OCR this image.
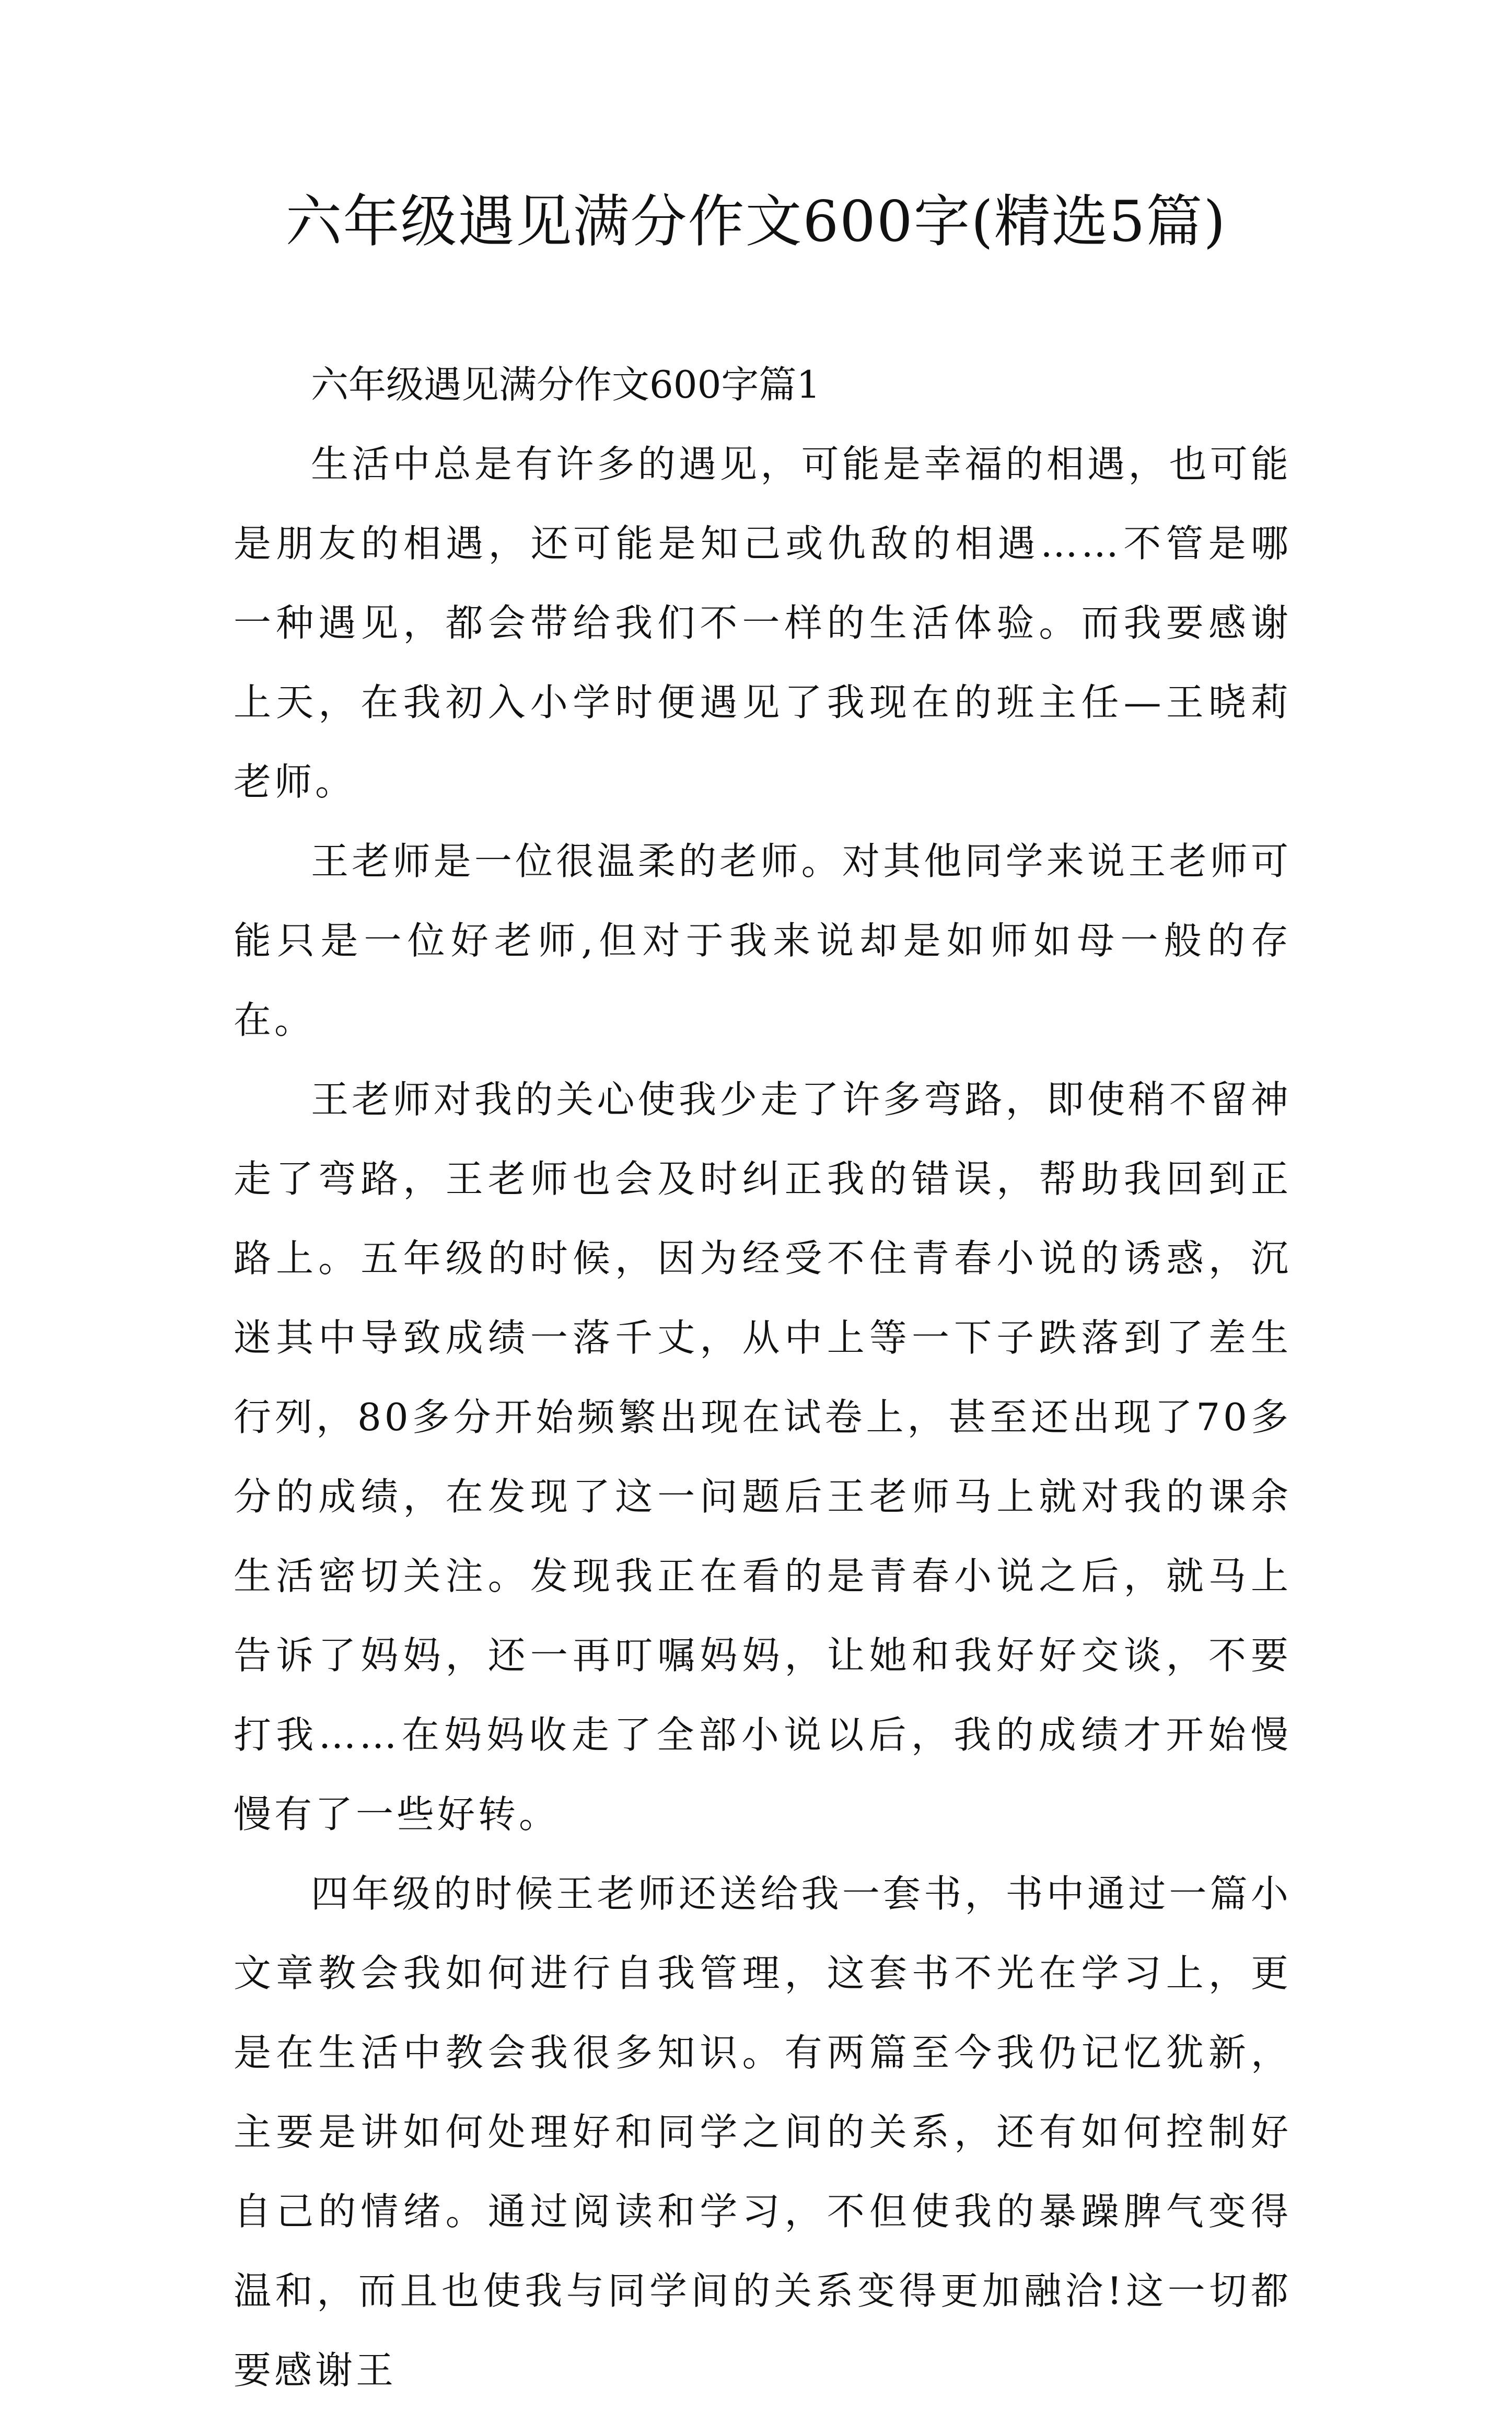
六年级遇见满分作文600字(精选5篇)
六年级遇见满分作文600字篇1

生活中总是有许多的遇见，可能是幸福的相遇，也可能是朋友的相遇，还可能是知己或仇敌的相遇……不管是哪一种遇见，都会带给我们不一样的生活体验。而我要感谢上天，在我初入小学时便遇见了我现在的班主任—王晓莉老师。

王老师是一位很温柔的老师。对其他同学来说王老师可能只是一位好老师,但对于我来说却是如师如母一般的存在。

王老师对我的关心使我少走了许多弯路，即使稍不留神走了弯路，王老师也会及时纠正我的错误，帮助我回到正路上。五年级的时候，因为经受不住青春小说的诱惑，沉迷其中导致成绩一落千丈，从中上等一下子跌落到了差生行列，80多分开始频繁出现在试卷上，甚至还出现了70多分的成绩，在发现了这一问题后王老师马上就对我的课余生活密切关注。发现我正在看的是青春小说之后，就马上告诉了妈妈，还一再叮嘱妈妈，让她和我好好交谈，不要打我……在妈妈收走了全部小说以后，我的成绩才开始慢慢有了一些好转。

四年级的时候王老师还送给我一套书，书中通过一篇小文章教会我如何进行自我管理，这套书不光在学习上，更是在生活中教会我很多知识。有两篇至今我仍记忆犹新，主要是讲如何处理好和同学之间的关系，还有如何控制好自己的情绪。通过阅读和学习，不但使我的暴躁脾气变得温和，而且也使我与同学间的关系变得更加融洽!这一切都要感谢王
